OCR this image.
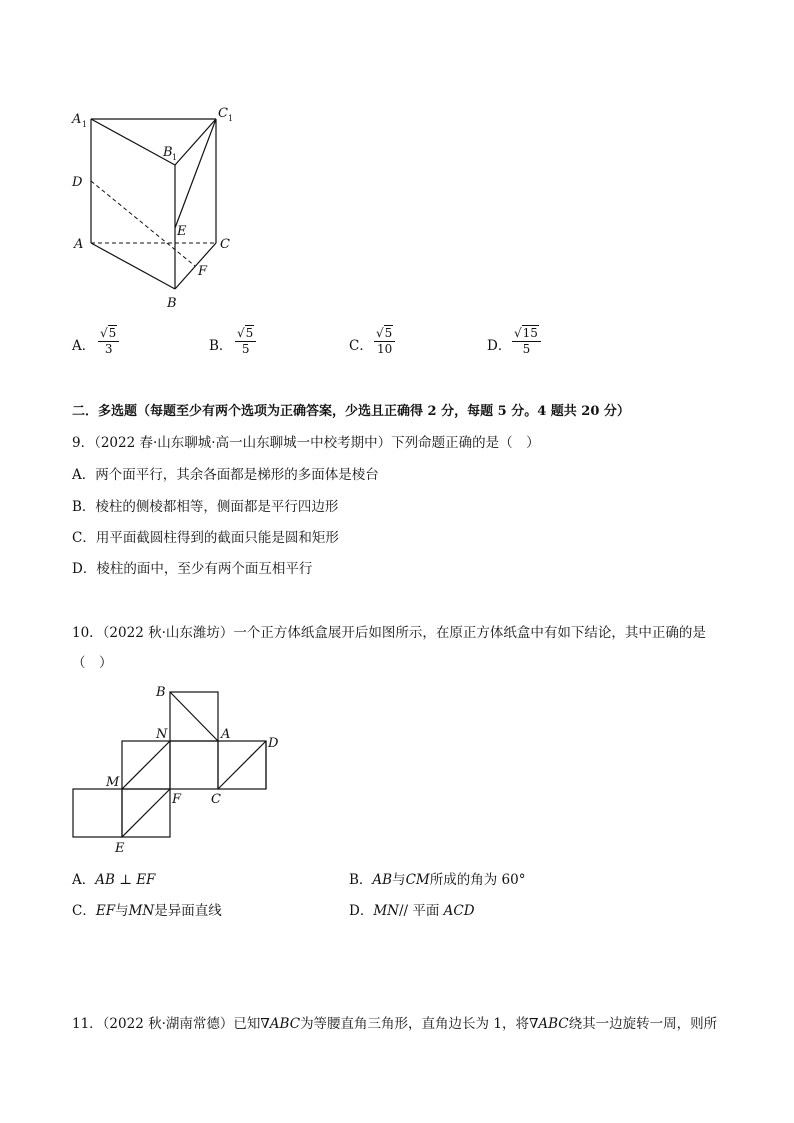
A 1
C 1
B 1
D
E
A	C
F
B
A．
√5
3	B．
√5
5	C．
√5
10	D．
√15
5
二．多选题（每题至少有两个选项为正确答案，少选且正确得 2 分，每题 5 分。4 题共 20 分）
9．（2022 春·山东聊城·高一山东聊城一中校考期中）下列命题正确的是（　）
A．两个面平行，其余各面都是梯形的多面体是棱台
B．棱柱的侧棱都相等，侧面都是平行四边形
C．用平面截圆柱得到的截面只能是圆和矩形
D．棱柱的面中，至少有两个面互相平行
10．（2022 秋·山东潍坊）一个正方体纸盒展开后如图所示，在原正方体纸盒中有如下结论，其中正确的是
（　）
B
N	A
D
M
F C
E
A．AB ⊥ EF	B．AB与CM所成的角为 60°
C．EF与MN是异面直线	D．MN// 平面 ACD
11．（2022 秋·湖南常德）已知∇ABC为等腰直角三角形，直角边长为 1，将∇ABC绕其一边旋转一周，则所
